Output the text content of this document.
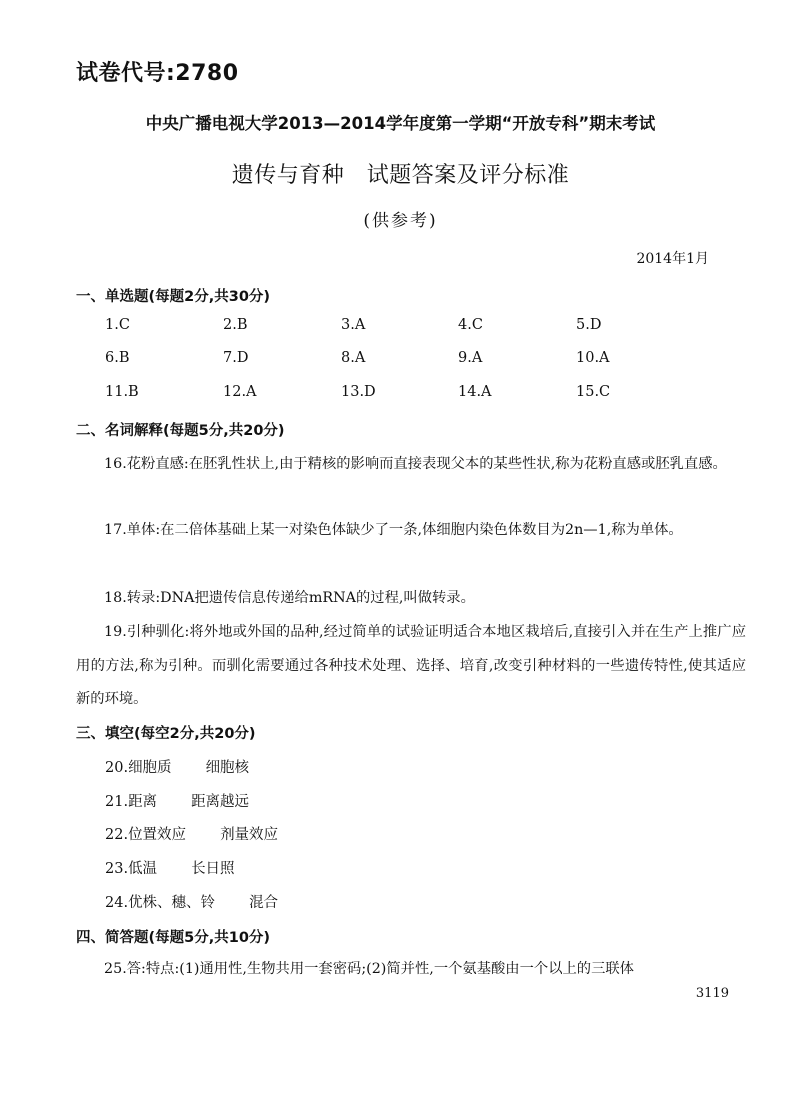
试卷代号:2780
中央广播电视大学2013—2014学年度第一学期“开放专科”期末考试
遗传与育种　试题答案及评分标准
(供参考)
2014年1月
一、单选题(每题2分,共30分)
1.C	2.B	3.A	4.C	5.D
6.B	7.D	8.A	9.A	10.A
11.B	12.A	13.D	14.A	15.C
二、名词解释(每题5分,共20分)
16.花粉直感:在胚乳性状上,由于精核的影响而直接表现父本的某些性状,称为花粉直感或胚乳直感。
17.单体:在二倍体基础上某一对染色体缺少了一条,体细胞内染色体数目为2n—1,称为单体。
18.转录:DNA把遗传信息传递给mRNA的过程,叫做转录。
19.引种驯化:将外地或外国的品种,经过简单的试验证明适合本地区栽培后,直接引入并在生产上推广应用的方法,称为引种。而驯化需要通过各种技术处理、选择、培育,改变引种材料的一些遗传特性,使其适应新的环境。
三、填空(每空2分,共20分)
20.细胞质 细胞核
21.距离 距离越远
22.位置效应 剂量效应
23.低温 长日照
24.优株、穗、铃 混合
四、简答题(每题5分,共10分)
25.答:特点:(1)通用性,生物共用一套密码;(2)简并性,一个氨基酸由一个以上的三联体
3119
